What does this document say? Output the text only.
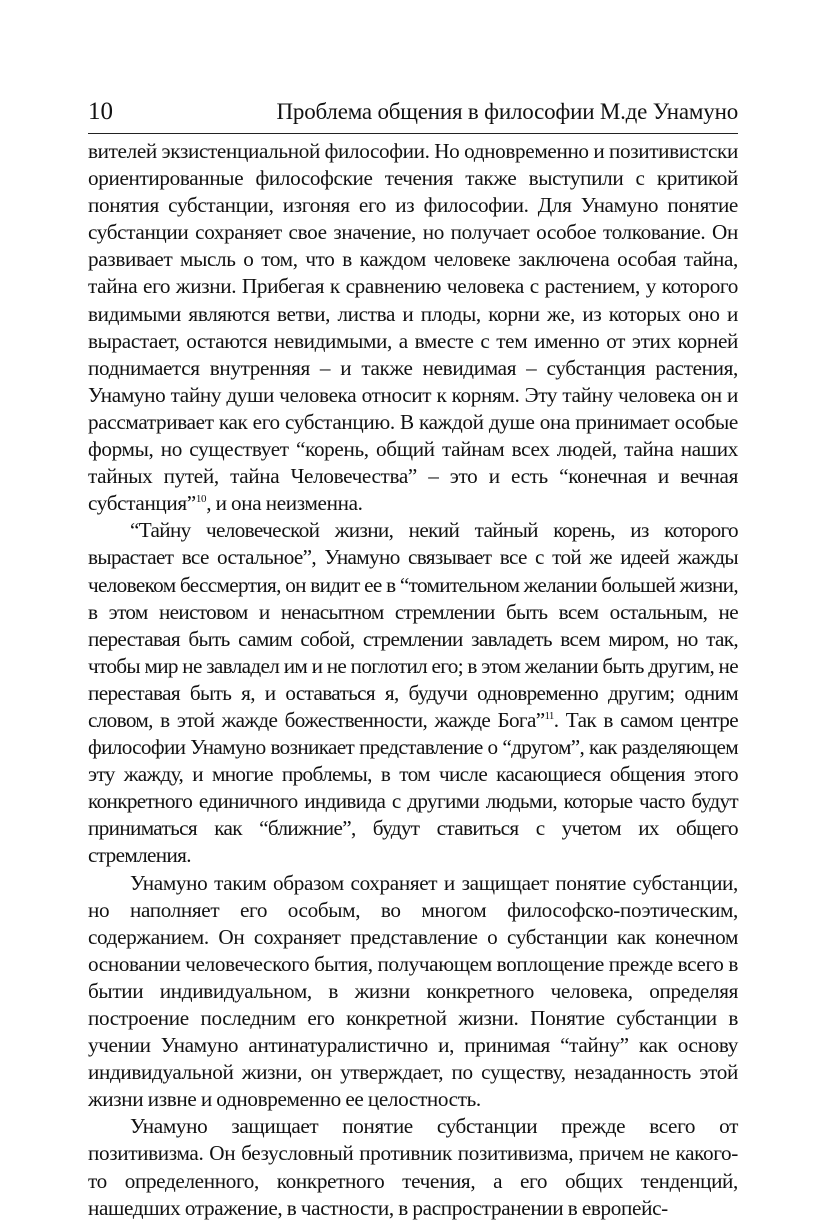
10	Проблема общения в философии М.де Унамуно

вителей экзистенциальной философии. Но одновременно и позитивистски ориентированные философские течения также выступили с критикой понятия субстанции, изгоняя его из философии. Для Унамуно понятие субстанции сохраняет свое значение, но получает особое толкование. Он развивает мысль о том, что в каждом человеке заключена особая тайна, тайна его жизни. Прибегая к сравнению человека с растением, у которого видимыми являются ветви, листва и плоды, корни же, из которых оно и вырастает, остаются невидимыми, а вместе с тем именно от этих корней поднимается внутренняя – и также невидимая – субстанция растения, Унамуно тайну души человека относит к корням. Эту тайну человека он и рассматривает как его субстанцию. В каждой душе она принимает особые формы, но существует “корень, общий тайнам всех людей, тайна наших тайных путей, тайна Человечества” – это и есть “конечная и вечная субстанция”$^{10}$, и она неизменна.

“Тайну человеческой жизни, некий тайный корень, из которого вырастает все остальное”, Унамуно связывает все с той же идеей жажды человеком бессмертия, он видит ее в “томительном желании большей жизни, в этом неистовом и ненасытном стремлении быть всем остальным, не переставая быть самим собой, стремлении завладеть всем миром, но так, чтобы мир не завладел им и не поглотил его; в этом желании быть другим, не переставая быть я, и оставаться я, будучи одновременно другим; одним словом, в этой жажде божественности, жажде Бога”$^{11}$. Так в самом центре философии Унамуно возникает представление о “другом”, как разделяющем эту жажду, и многие проблемы, в том числе касающиеся общения этого конкретного единичного индивида с другими людьми, которые часто будут приниматься как “ближние”, будут ставиться с учетом их общего стремления.

Унамуно таким образом сохраняет и защищает понятие субстанции, но наполняет его особым, во многом философско-поэтическим, содержанием. Он сохраняет представление о субстанции как конечном основании человеческого бытия, получающем воплощение прежде всего в бытии индивидуальном, в жизни конкретного человека, определяя построение последним его конкретной жизни. Понятие субстанции в учении Унамуно антинатуралистично и, принимая “тайну” как основу индивидуальной жизни, он утверждает, по существу, незаданность этой жизни извне и одновременно ее целостность.

Унамуно защищает понятие субстанции прежде всего от позитивизма. Он безусловный противник позитивизма, причем не какого-то определенного, конкретного течения, а его общих тенденций, нашедших отражение, в частности, в распространении в европейс-
